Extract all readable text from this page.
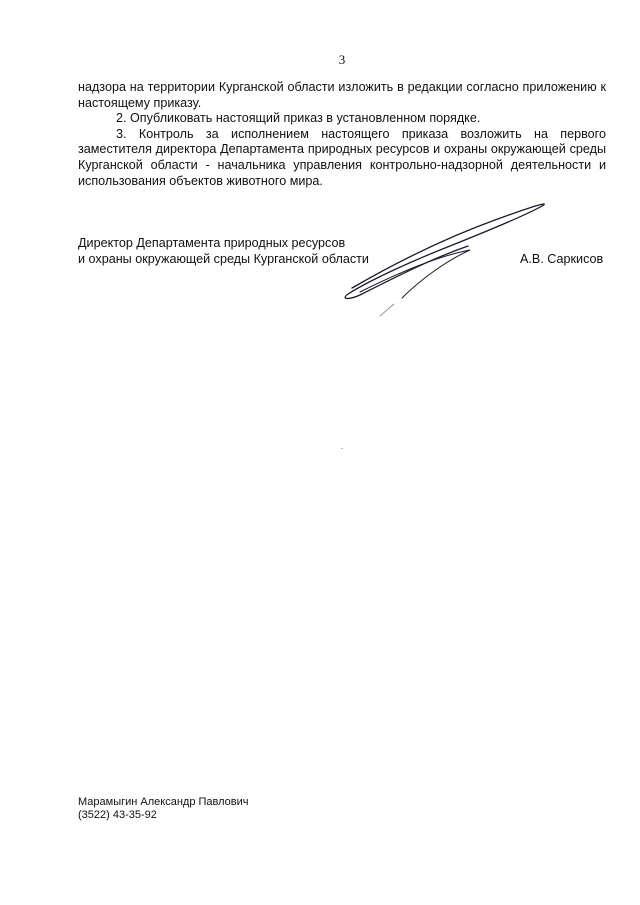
3

надзора на территории Курганской области изложить в редакции согласно приложению к настоящему приказу.

2. Опубликовать настоящий приказ в установленном порядке.

3. Контроль за исполнением настоящего приказа возложить на первого заместителя директора Департамента природных ресурсов и охраны окружающей среды Курганской области - начальника управления контрольно-надзорной деятельности и использования объектов животного мира.

Директор Департамента природных ресурсов
и охраны окружающей среды Курганской области	А.В. Саркисов
Марамыгин Александр Павлович
(3522) 43-35-92
